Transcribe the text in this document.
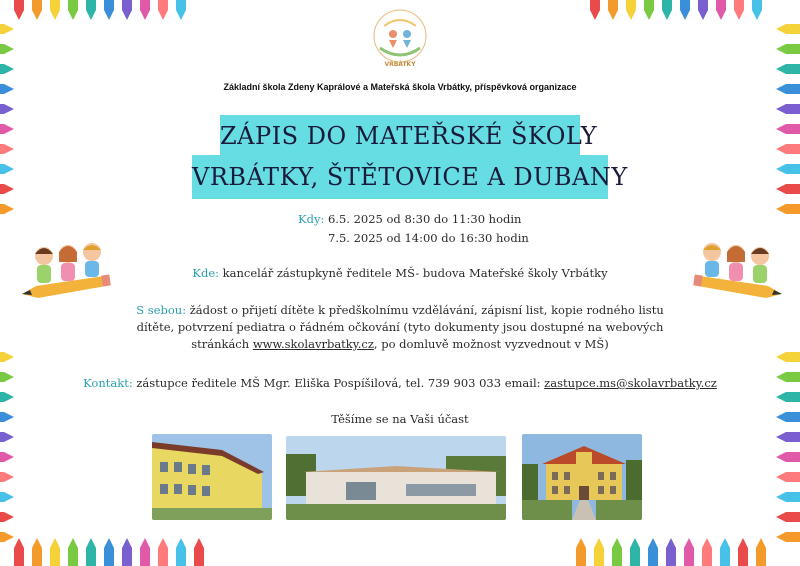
VRBÁTKY
Základní škola Zdeny Kaprálové a Mateřská škola Vrbátky, příspěvková organizace
ZÁPIS DO MATEŘSKÉ ŠKOLY
VRBÁTKY, ŠTĚTOVICE A DUBANY
Kdy: 6.5. 2025 od 8:30 do 11:30 hodin
7.5. 2025 od 14:00 do 16:30 hodin
Kde: kancelář zástupkyně ředitele MŠ- budova Mateřské školy Vrbátky
S sebou: žádost o přijetí dítěte k předškolnímu vzdělávání, zápisní list, kopie rodného listu dítěte, potvrzení pediatra o řádném očkování (tyto dokumenty jsou dostupné na webových stránkách www.skolavrbatky.cz, po domluvě možnost vyzvednout v MŠ)
Kontakt: zástupce ředitele MŠ Mgr. Eliška Pospíšilová, tel. 739 903 033 email: zastupce.ms@skolavrbatky.cz
Těšíme se na Vaši účast
